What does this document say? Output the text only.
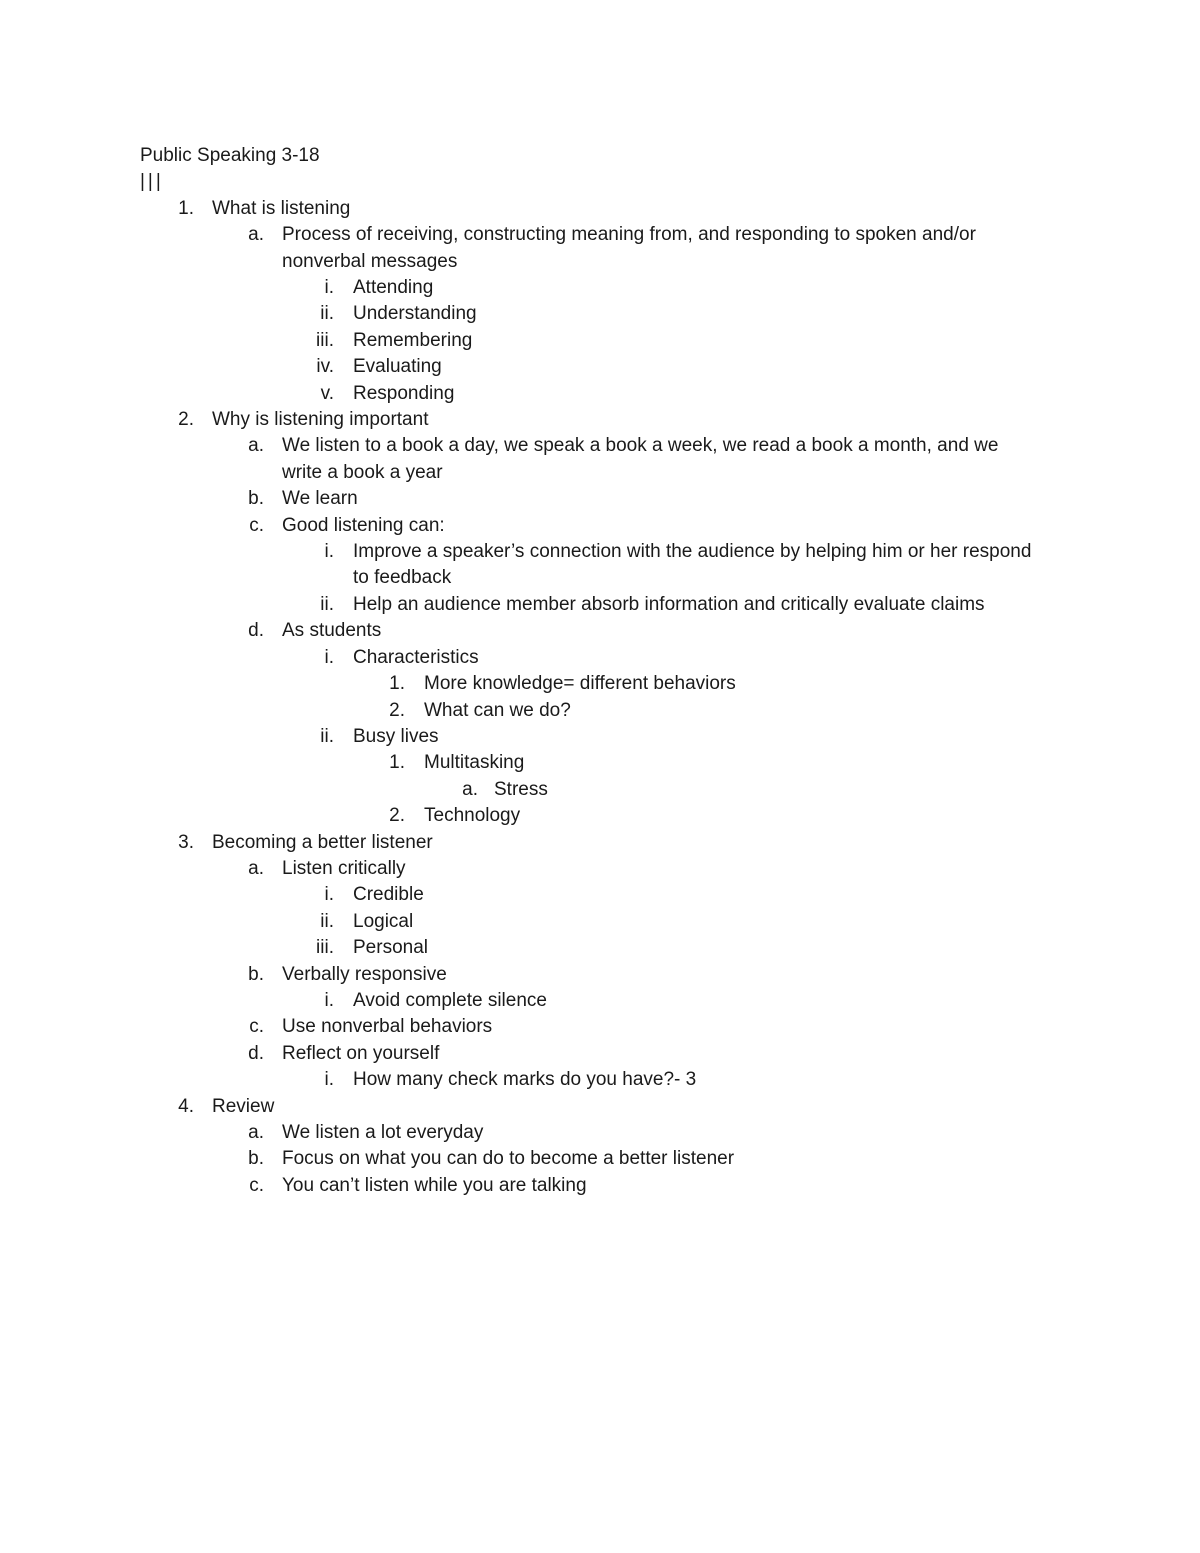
Public Speaking 3-18
|||
1. What is listening
a. Process of receiving, constructing meaning from, and responding to spoken and/or nonverbal messages
i. Attending
ii. Understanding
iii. Remembering
iv. Evaluating
v. Responding
2. Why is listening important
a. We listen to a book a day, we speak a book a week, we read a book a month, and we write a book a year
b. We learn
c. Good listening can:
i. Improve a speaker’s connection with the audience by helping him or her respond to feedback
ii. Help an audience member absorb information and critically evaluate claims
d. As students
i. Characteristics
1. More knowledge= different behaviors
2. What can we do?
ii. Busy lives
1. Multitasking
a. Stress
2. Technology
3. Becoming a better listener
a. Listen critically
i. Credible
ii. Logical
iii. Personal
b. Verbally responsive
i. Avoid complete silence
c. Use nonverbal behaviors
d. Reflect on yourself
i. How many check marks do you have?- 3
4. Review
a. We listen a lot everyday
b. Focus on what you can do to become a better listener
c. You can’t listen while you are talking
